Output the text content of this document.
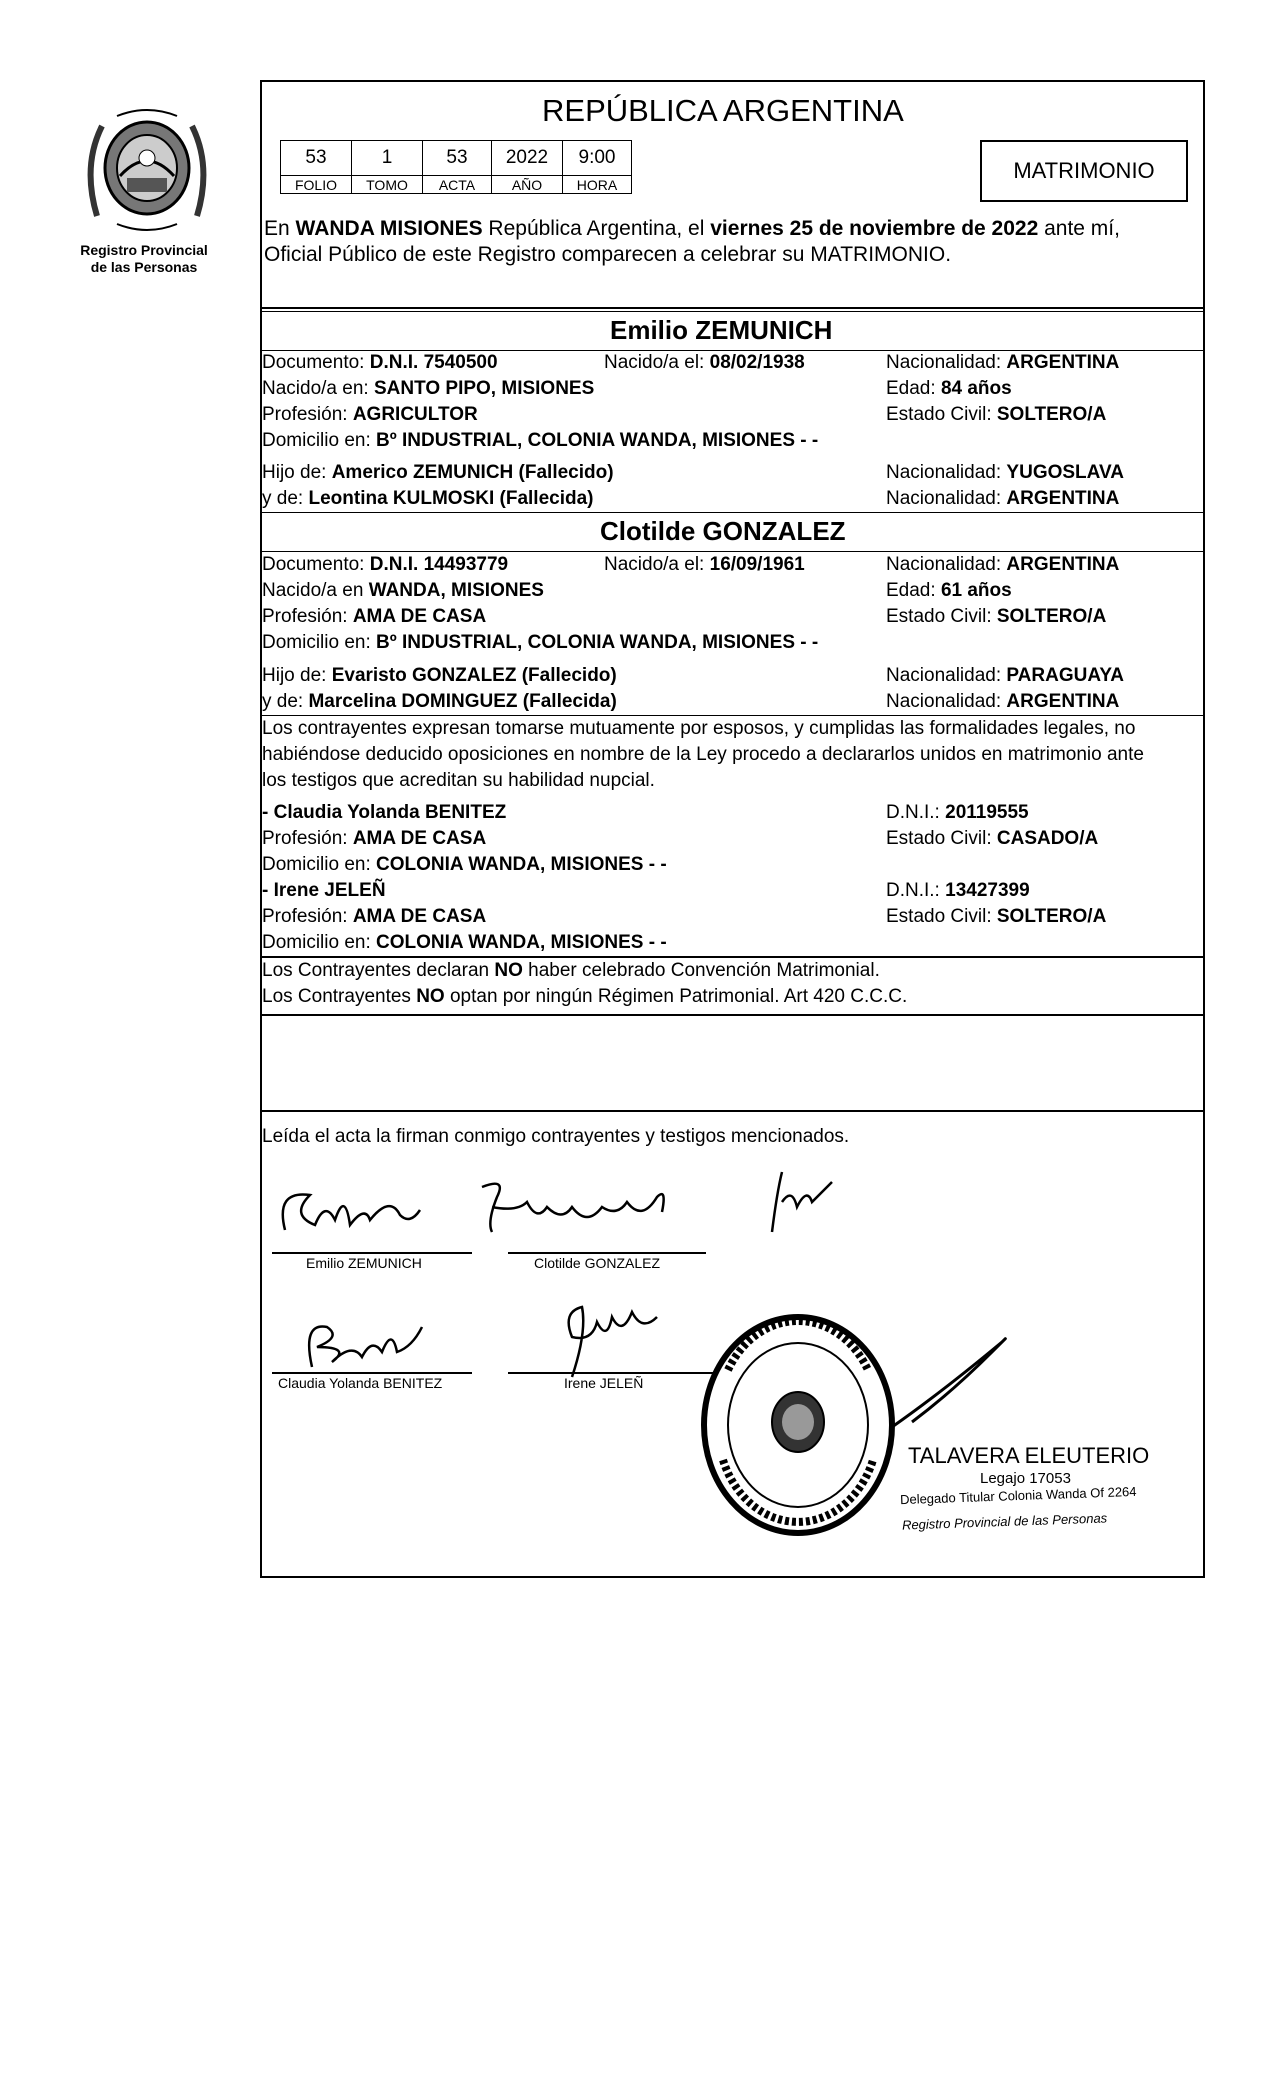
Registro Provincial
de las Personas
REPÚBLICA ARGENTINA
53	1	53	2022	9:00
FOLIO	TOMO	ACTA	AÑO	HORA
MATRIMONIO
En WANDA MISIONES República Argentina, el viernes 25 de noviembre de 2022 ante mí,
Oficial Público de este Registro comparecen a celebrar su MATRIMONIO.
Emilio ZEMUNICH
Documento: D.N.I. 7540500	Nacido/a el: 08/02/1938	Nacionalidad: ARGENTINA
Nacido/a en: SANTO PIPO, MISIONES	Edad: 84 años
Profesión: AGRICULTOR	Estado Civil: SOLTERO/A
Domicilio en: Bº INDUSTRIAL, COLONIA WANDA, MISIONES - -
Hijo de: Americo ZEMUNICH (Fallecido)	Nacionalidad: YUGOSLAVA
y de: Leontina KULMOSKI (Fallecida)	Nacionalidad: ARGENTINA
Clotilde GONZALEZ
Documento: D.N.I. 14493779	Nacido/a el: 16/09/1961	Nacionalidad: ARGENTINA
Nacido/a en WANDA, MISIONES	Edad: 61 años
Profesión: AMA DE CASA	Estado Civil: SOLTERO/A
Domicilio en: Bº INDUSTRIAL, COLONIA WANDA, MISIONES - -
Hijo de: Evaristo GONZALEZ (Fallecido)	Nacionalidad: PARAGUAYA
y de: Marcelina DOMINGUEZ (Fallecida)	Nacionalidad: ARGENTINA
Los contrayentes expresan tomarse mutuamente por esposos, y cumplidas las formalidades legales, no
habiéndose deducido oposiciones en nombre de la Ley procedo a declararlos unidos en matrimonio ante
los testigos que acreditan su habilidad nupcial.
- Claudia Yolanda BENITEZ	D.N.I.: 20119555
Profesión: AMA DE CASA	Estado Civil: CASADO/A
Domicilio en: COLONIA WANDA, MISIONES - -
- Irene JELEÑ	D.N.I.: 13427399
Profesión: AMA DE CASA	Estado Civil: SOLTERO/A
Domicilio en: COLONIA WANDA, MISIONES - -
Los Contrayentes declaran NO haber celebrado Convención Matrimonial.
Los Contrayentes NO optan por ningún Régimen Patrimonial. Art 420 C.C.C.
Leída el acta la firman conmigo contrayentes y testigos mencionados.
Emilio ZEMUNICH	Clotilde GONZALEZ
Claudia Yolanda BENITEZ	Irene JELEÑ
TALAVERA ELEUTERIO
Legajo 17053
Delegado Titular Colonia Wanda Of 2264
Registro Provincial de las Personas
